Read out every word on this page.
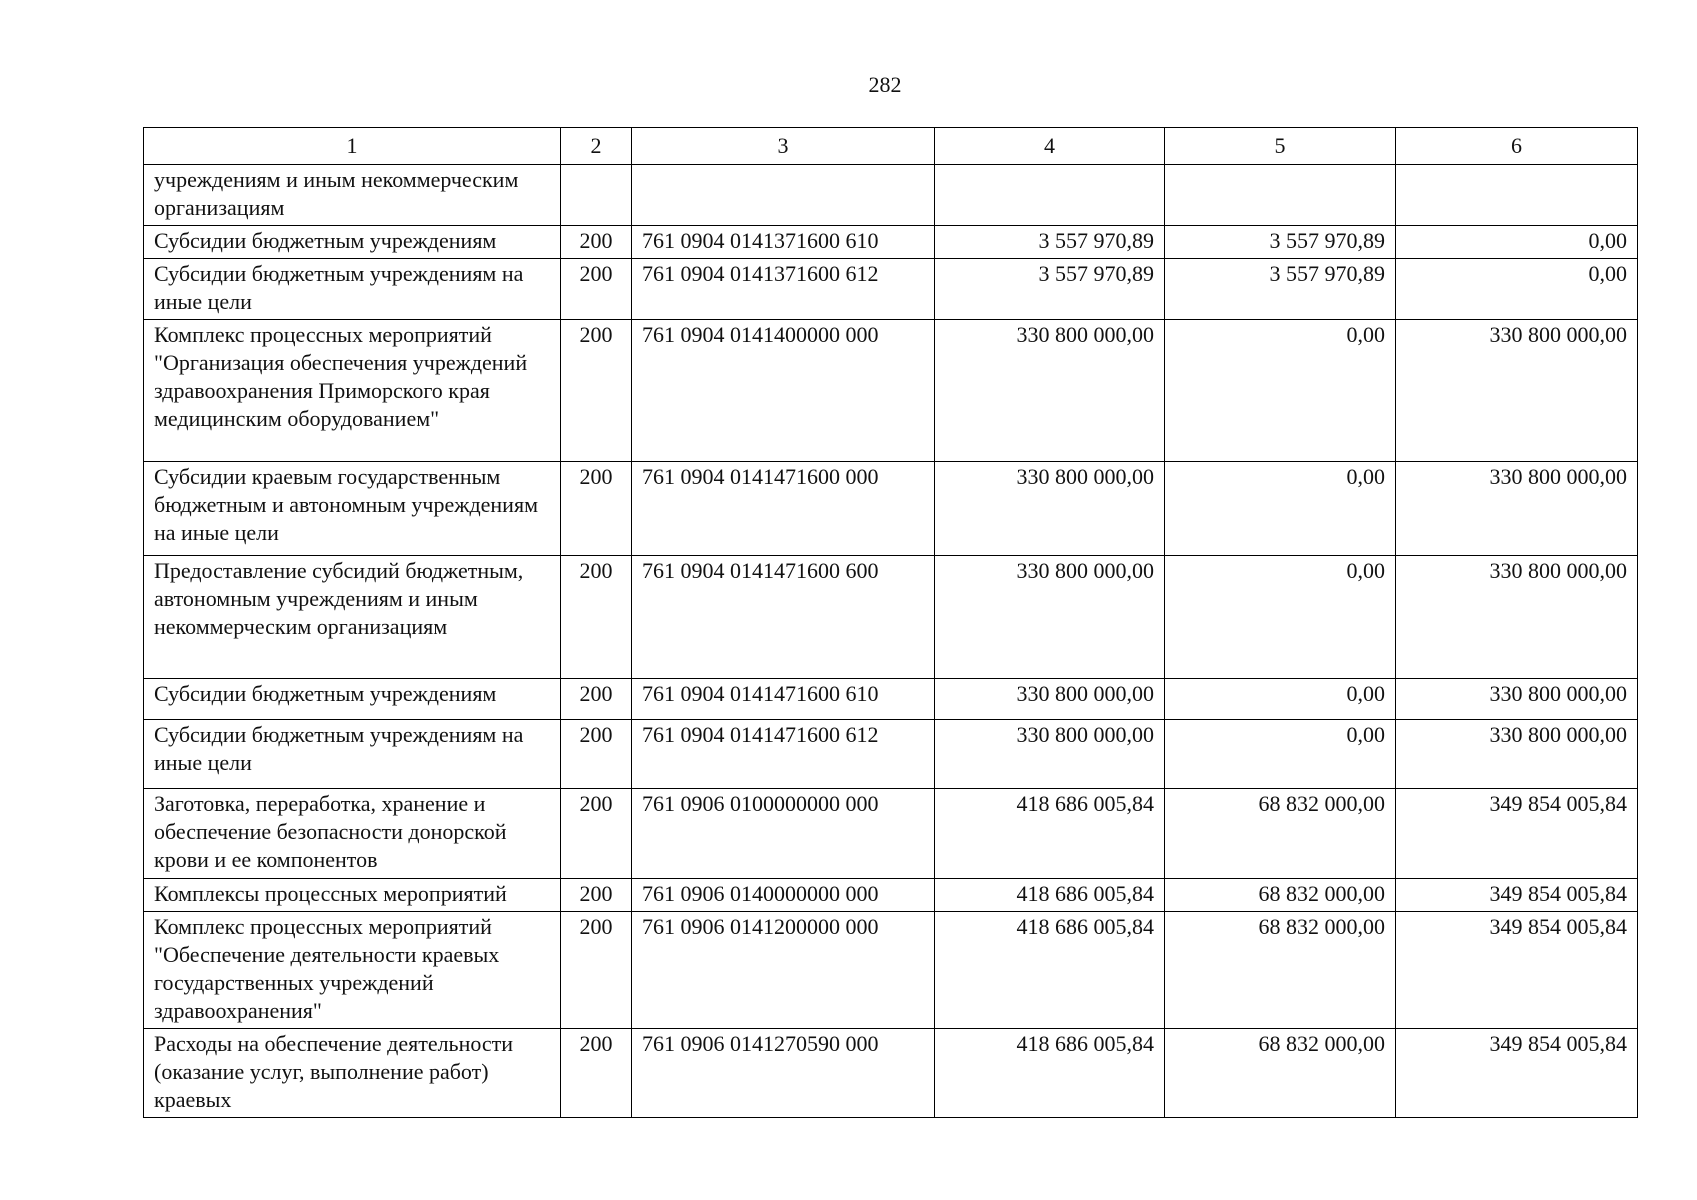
282
1	2	3	4	5	6
учреждениям и иным некоммерческим организациям					
Субсидии бюджетным учреждениям	200	761 0904 0141371600 610	3 557 970,89	3 557 970,89	0,00
Субсидии бюджетным учреждениям на иные цели	200	761 0904 0141371600 612	3 557 970,89	3 557 970,89	0,00
Комплекс процессных мероприятий "Организация обеспечения учреждений здравоохранения Приморского края медицинским оборудованием"	200	761 0904 0141400000 000	330 800 000,00	0,00	330 800 000,00
Субсидии краевым государственным бюджетным и автономным учреждениям на иные цели	200	761 0904 0141471600 000	330 800 000,00	0,00	330 800 000,00
Предоставление субсидий бюджетным, автономным учреждениям и иным некоммерческим организациям	200	761 0904 0141471600 600	330 800 000,00	0,00	330 800 000,00
Субсидии бюджетным учреждениям	200	761 0904 0141471600 610	330 800 000,00	0,00	330 800 000,00
Субсидии бюджетным учреждениям на иные цели	200	761 0904 0141471600 612	330 800 000,00	0,00	330 800 000,00
Заготовка, переработка, хранение и обеспечение безопасности донорской крови и ее компонентов	200	761 0906 0100000000 000	418 686 005,84	68 832 000,00	349 854 005,84
Комплексы процессных мероприятий	200	761 0906 0140000000 000	418 686 005,84	68 832 000,00	349 854 005,84
Комплекс процессных мероприятий "Обеспечение деятельности краевых государственных учреждений здравоохранения"	200	761 0906 0141200000 000	418 686 005,84	68 832 000,00	349 854 005,84
Расходы на обеспечение деятельности (оказание услуг, выполнение работ) краевых	200	761 0906 0141270590 000	418 686 005,84	68 832 000,00	349 854 005,84
